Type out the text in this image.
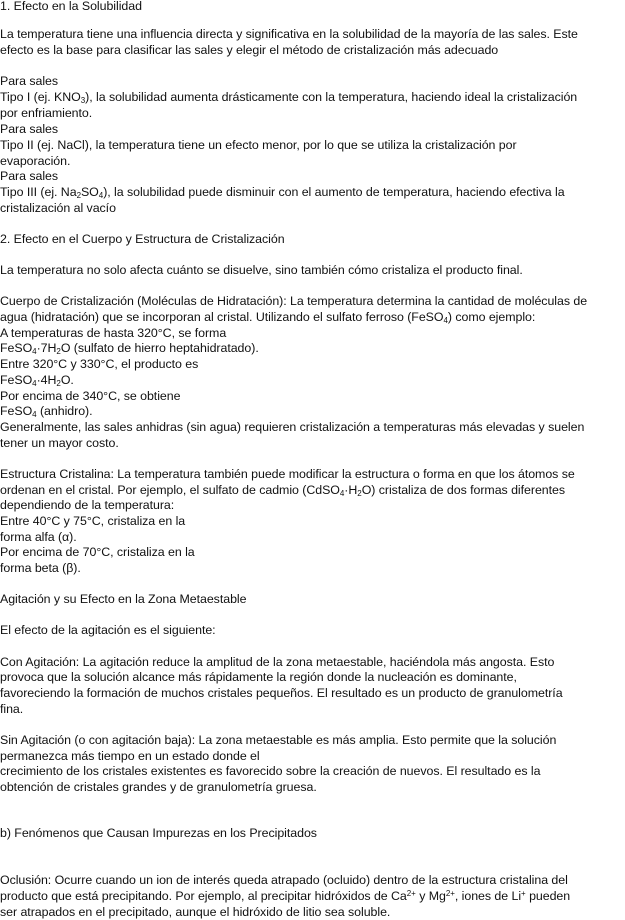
1. Efecto en la Solubilidad
La temperatura tiene una influencia directa y significativa en la solubilidad de la mayoría de las sales. Este
efecto es la base para clasificar las sales y elegir el método de cristalización más adecuado
Para sales
Tipo I (ej. $KNO_3$), la solubilidad aumenta drásticamente con la temperatura, haciendo ideal la cristalización
por enfriamiento.
Para sales
Tipo II (ej. NaCl), la temperatura tiene un efecto menor, por lo que se utiliza la cristalización por
evaporación.
Para sales
Tipo III (ej. $Na_2SO_4$), la solubilidad puede disminuir con el aumento de temperatura, haciendo efectiva la
cristalización al vacío
2. Efecto en el Cuerpo y Estructura de Cristalización
La temperatura no solo afecta cuánto se disuelve, sino también cómo cristaliza el producto final.
Cuerpo de Cristalización (Moléculas de Hidratación): La temperatura determina la cantidad de moléculas de
agua (hidratación) que se incorporan al cristal. Utilizando el sulfato ferroso (FeSO$_4$) como ejemplo:
A temperaturas de hasta 320°C, se forma
$FeSO_4\cdot 7H_2O$ (sulfato de hierro heptahidratado).
Entre 320°C y 330°C, el producto es
$FeSO_4\cdot 4H_2O$.
Por encima de 340°C, se obtiene
FeSO$_4$ (anhidro).
Generalmente, las sales anhidras (sin agua) requieren cristalización a temperaturas más elevadas y suelen
tener un mayor costo.
Estructura Cristalina: La temperatura también puede modificar la estructura o forma en que los átomos se
ordenan en el cristal. Por ejemplo, el sulfato de cadmio $(CdSO_4\cdot H_2O)$ cristaliza de dos formas diferentes
dependiendo de la temperatura:
Entre 40°C y 75°C, cristaliza en la
forma alfa (α).
Por encima de 70°C, cristaliza en la
forma beta (β).
Agitación y su Efecto en la Zona Metaestable
El efecto de la agitación es el siguiente:
Con Agitación: La agitación reduce la amplitud de la zona metaestable, haciéndola más angosta. Esto
provoca que la solución alcance más rápidamente la región donde la nucleación es dominante,
favoreciendo la formación de muchos cristales pequeños. El resultado es un producto de granulometría
fina.
Sin Agitación (o con agitación baja): La zona metaestable es más amplia. Esto permite que la solución
permanezca más tiempo en un estado donde el
crecimiento de los cristales existentes es favorecido sobre la creación de nuevos. El resultado es la
obtención de cristales grandes y de granulometría gruesa.
b) Fenómenos que Causan Impurezas en los Precipitados
Oclusión: Ocurre cuando un ion de interés queda atrapado (ocluido) dentro de la estructura cristalina del
producto que está precipitando. Por ejemplo, al precipitar hidróxidos de $Ca^{2+}$ y $Mg^{2+}$, iones de Li+ pueden
ser atrapados en el precipitado, aunque el hidróxido de litio sea soluble.
